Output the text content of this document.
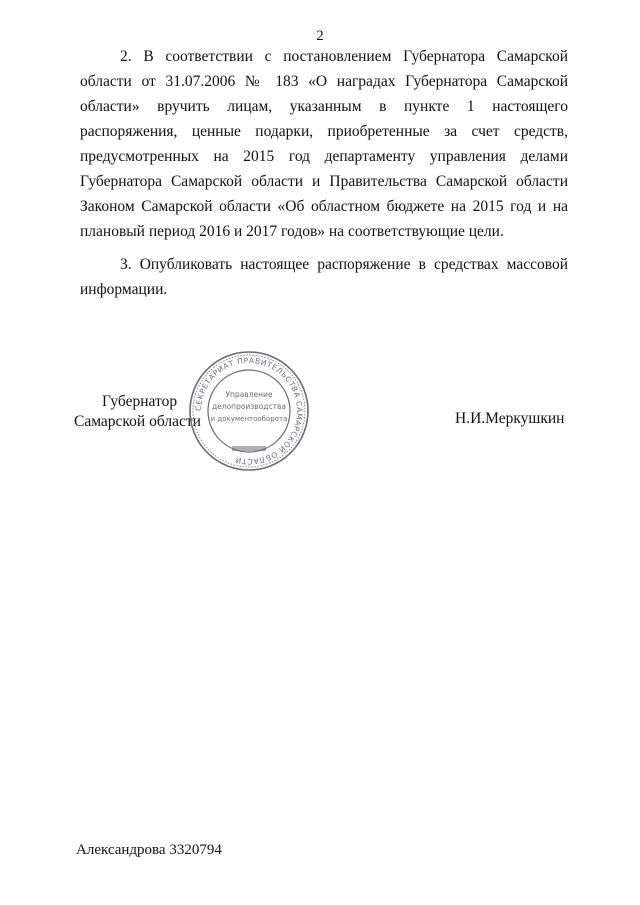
2

2. В соответствии с постановлением Губернатора Самарской области от 31.07.2006 № 183 «О наградах Губернатора Самарской области» вручить лицам, указанным в пункте 1 настоящего распоряжения, ценные подарки, приобретенные за счет средств, предусмотренных на 2015 год департаменту управления делами Губернатора Самарской области и Правительства Самарской области Законом Самарской области «Об областном бюджете на 2015 год и на плановый период 2016 и 2017 годов» на соответствующие цели.

3. Опубликовать настоящее распоряжение в средствах массовой информации.

Губернатор
Самарской области	Н.И.Меркушкин
СЕКРЕТАРИАТ ПРАВИТЕЛЬСТВА САМАРСКОЙ ОБЛАСТИ
Управление
делопроизводства
и документооборота
Александрова 3320794
